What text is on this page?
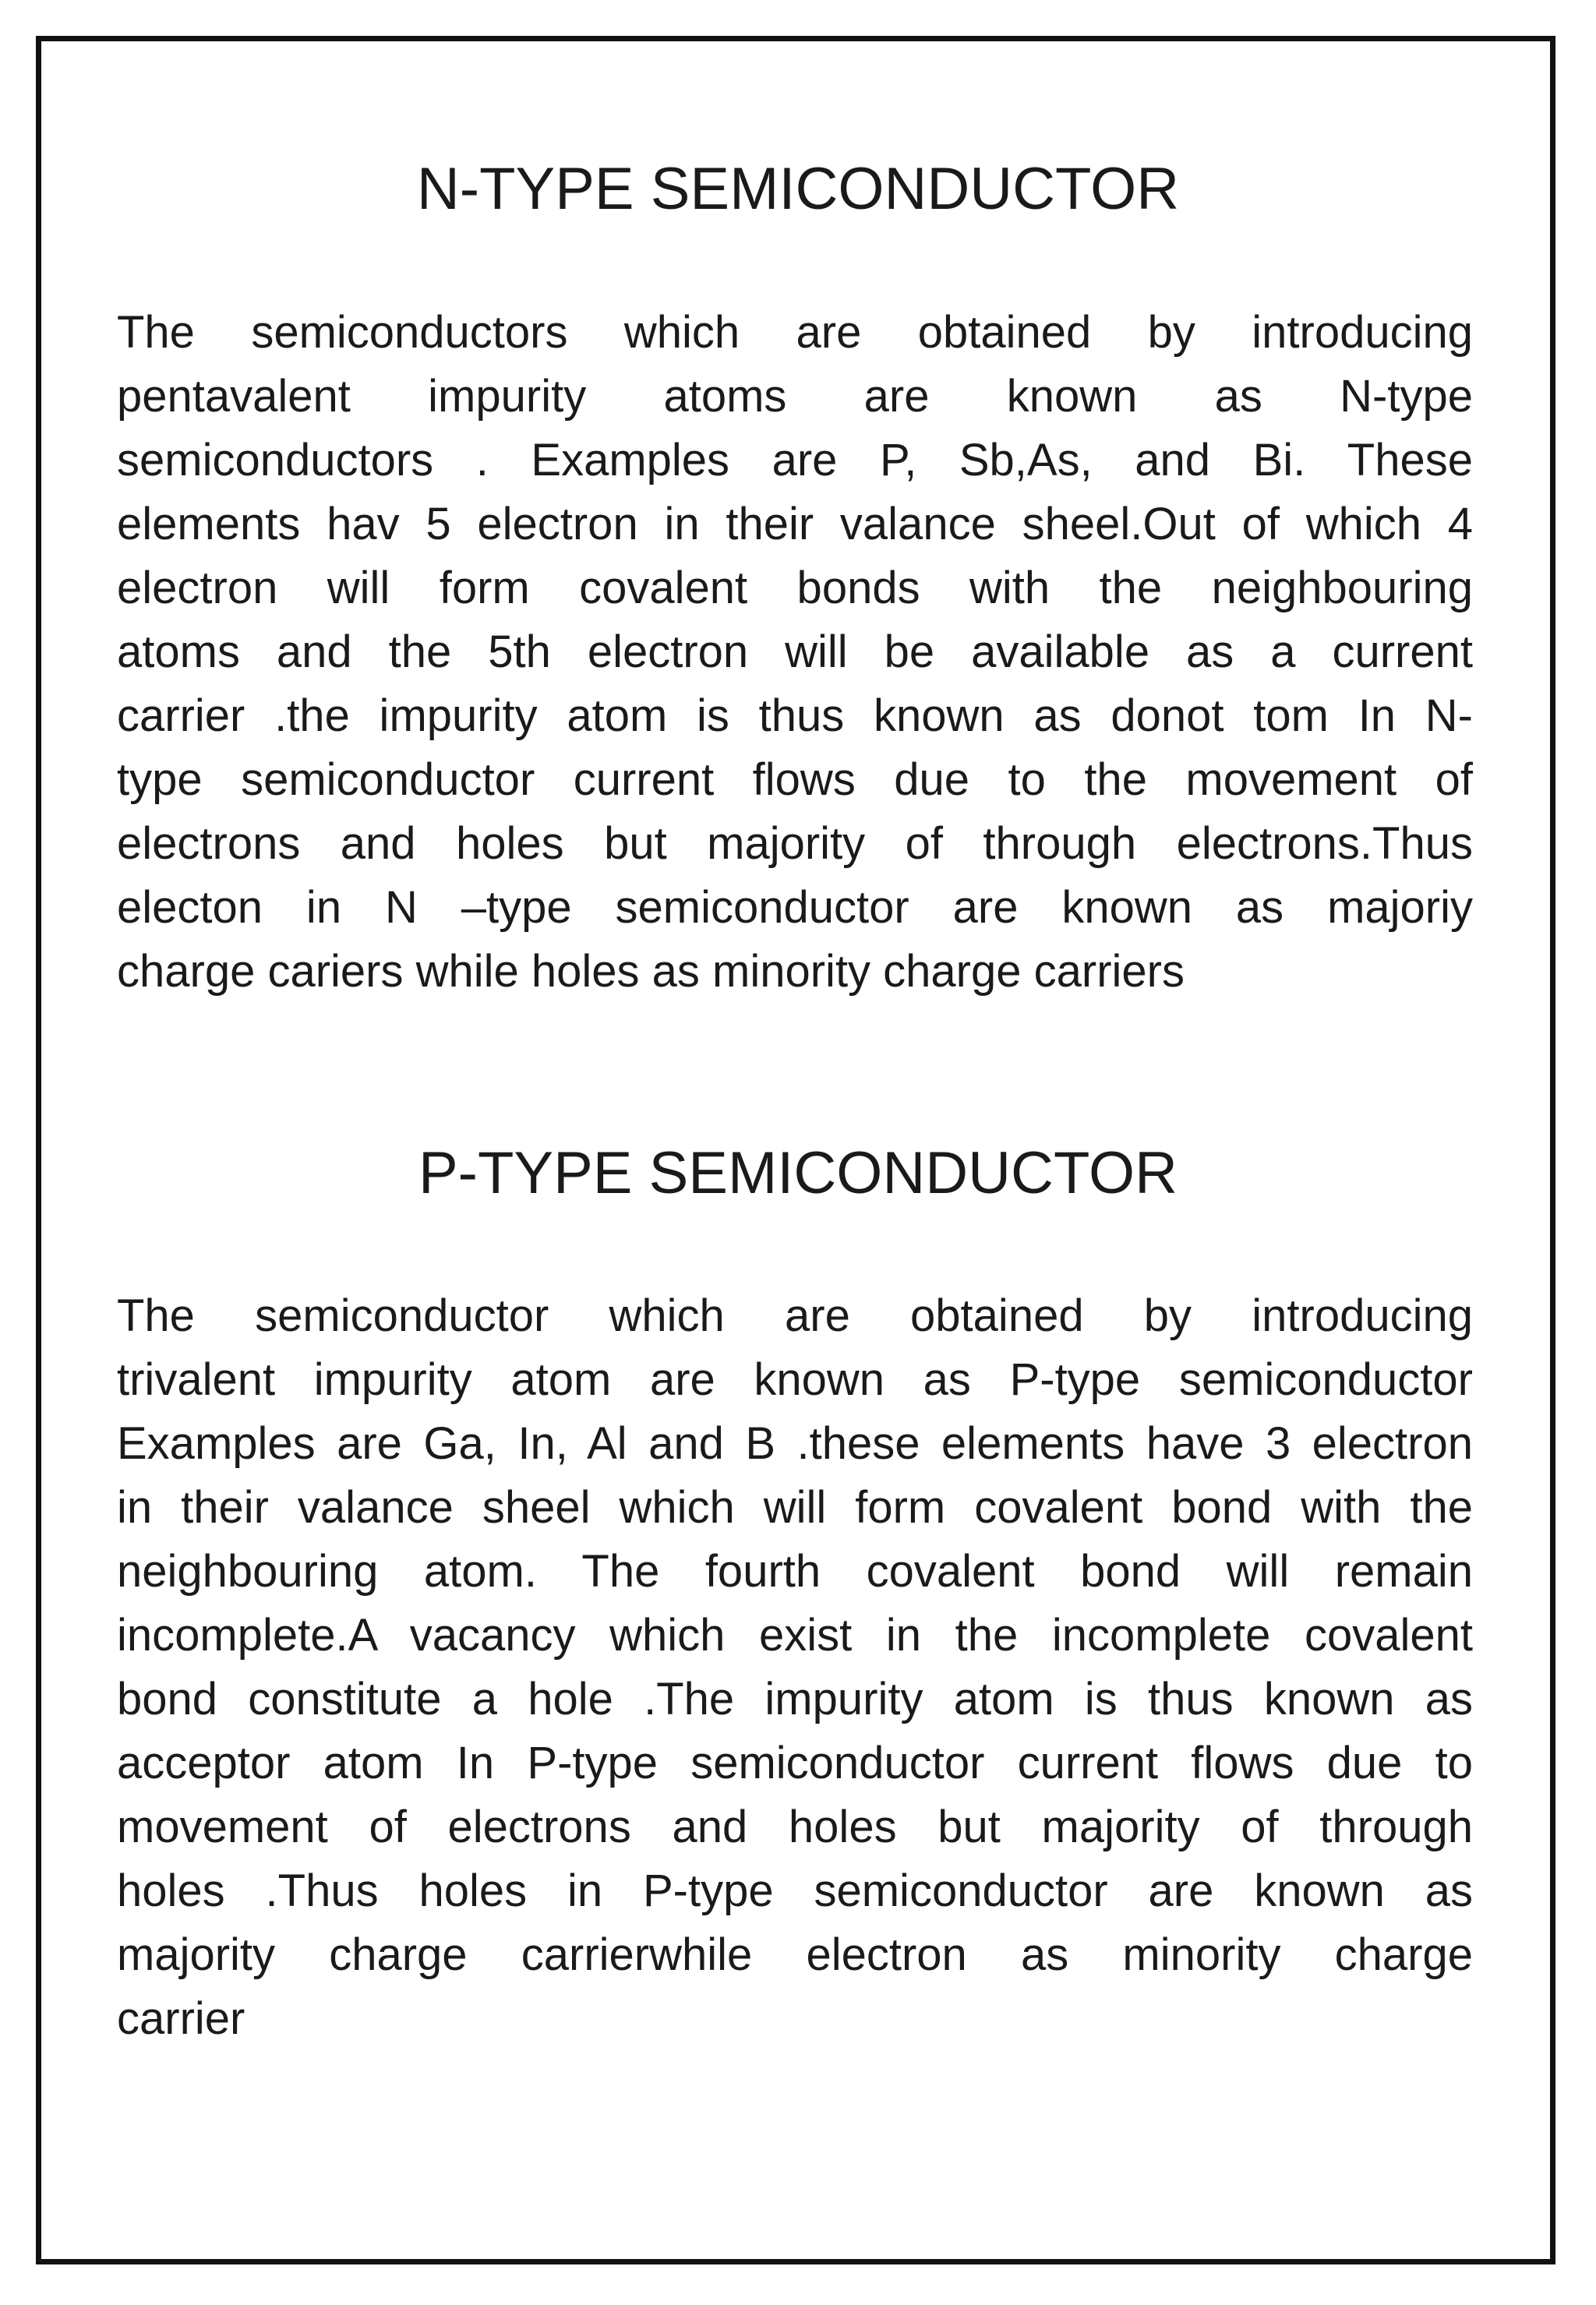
N-TYPE SEMICONDUCTOR

The semiconductors which are obtained by introducing
pentavalent impurity atoms are known as N-type
semiconductors . Examples are P, Sb,As, and Bi. These
elements hav 5 electron in their valance sheel.Out of which 4
electron will form covalent bonds with the neighbouring
atoms and the 5th electron will be available as a current
carrier .the impurity atom is thus known as donot tom In N-
type semiconductor current flows due to the movement of
electrons and holes but majority of through electrons.Thus
electon in N –type semiconductor are known as majoriy
charge cariers while holes as minority charge carriers

P-TYPE SEMICONDUCTOR

The semiconductor which are obtained by introducing
trivalent impurity atom are known as P-type semiconductor
Examples are Ga, In, Al and B .these elements have 3 electron
in their valance sheel which will form covalent bond with the
neighbouring atom. The fourth covalent bond will remain
incomplete.A vacancy which exist in the incomplete covalent
bond constitute a hole .The impurity atom is thus known as
acceptor atom In P-type semiconductor current flows due to
movement of electrons and holes but majority of through
holes .Thus holes in P-type semiconductor are known as
majority charge carrierwhile electron as minority charge
carrier
